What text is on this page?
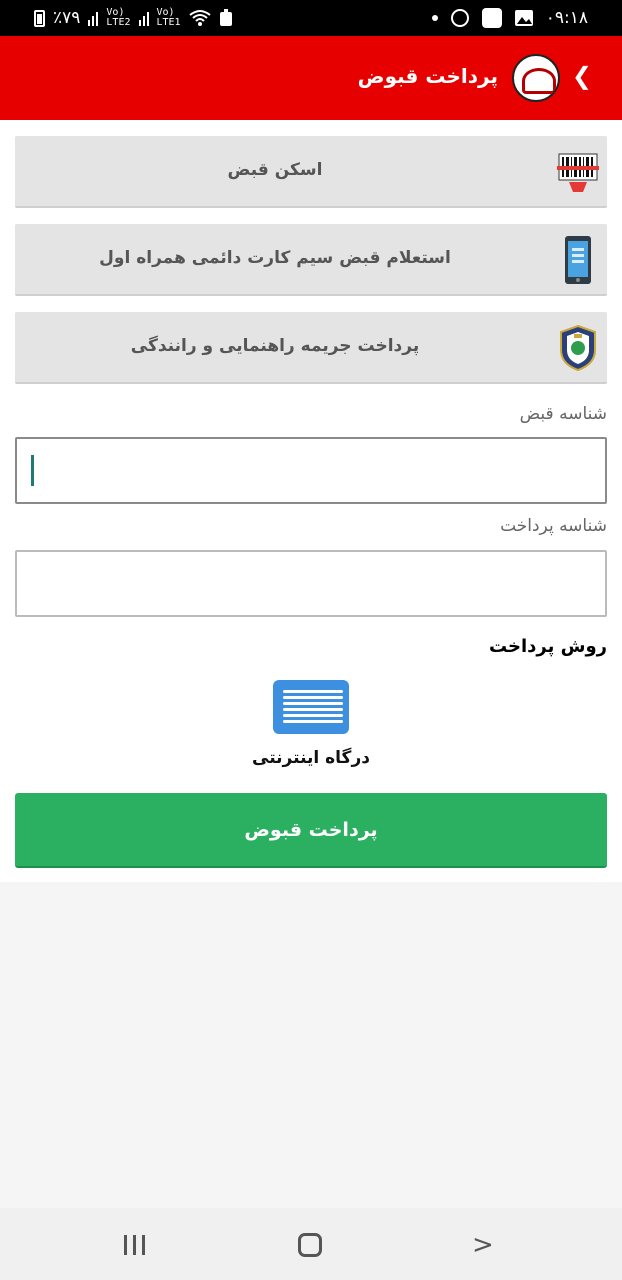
٪۷۹	Vo)
LTE2
Vo)
LTE1	۰۹:۱۸
❮
پرداخت قبوض
اسکن قبض
استعلام قبض سیم کارت دائمی همراه اول
پرداخت جریمه راهنمایی و رانندگی
شناسه قبض
شناسه پرداخت
روش پرداخت
درگاه اینترنتی
پرداخت قبوض
>
